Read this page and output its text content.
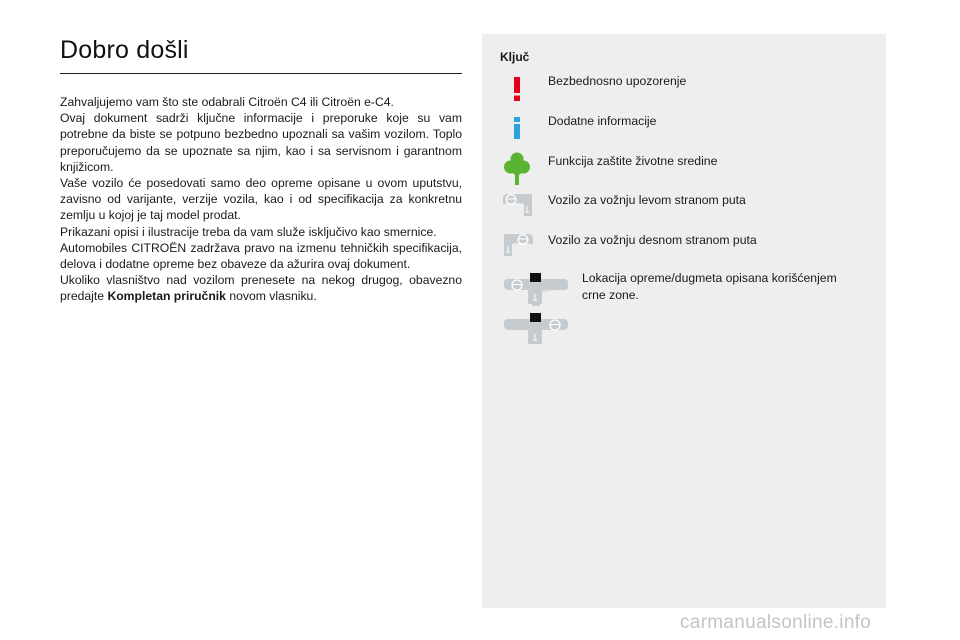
Dobro došli

Zahvaljujemo vam što ste odabrali Citroën C4 ili Citroën e-C4.

Ovaj dokument sadrži ključne informacije i preporuke koje su vam potrebne da biste se potpuno bezbedno upoznali sa vašim vozilom. Toplo preporučujemo da se upoznate sa njim, kao i sa servisnom i garantnom knjižicom.

Vaše vozilo će posedovati samo deo opreme opisane u ovom uputstvu, zavisno od varijante, verzije vozila, kao i od specifikacija za konkretnu zemlju u kojoj je taj model prodat.

Prikazani opisi i ilustracije treba da vam služe isključivo kao smernice.

Automobiles CITROËN zadržava pravo na izmenu tehničkih specifikacija, delova i dodatne opreme bez obaveze da ažurira ovaj dokument.

Ukoliko vlasništvo nad vozilom prenesete na nekog drugog, obavezno predajte Kompletan priručnik novom vlasniku.

Ključ
Bezbednosno upozorenje
Dodatne informacije
Funkcija zaštite životne sredine
Vozilo za vožnju levom stranom puta
Vozilo za vožnju desnom stranom puta
Lokacija opreme/dugmeta opisana korišćenjem crne zone.
carmanualsonline.info
